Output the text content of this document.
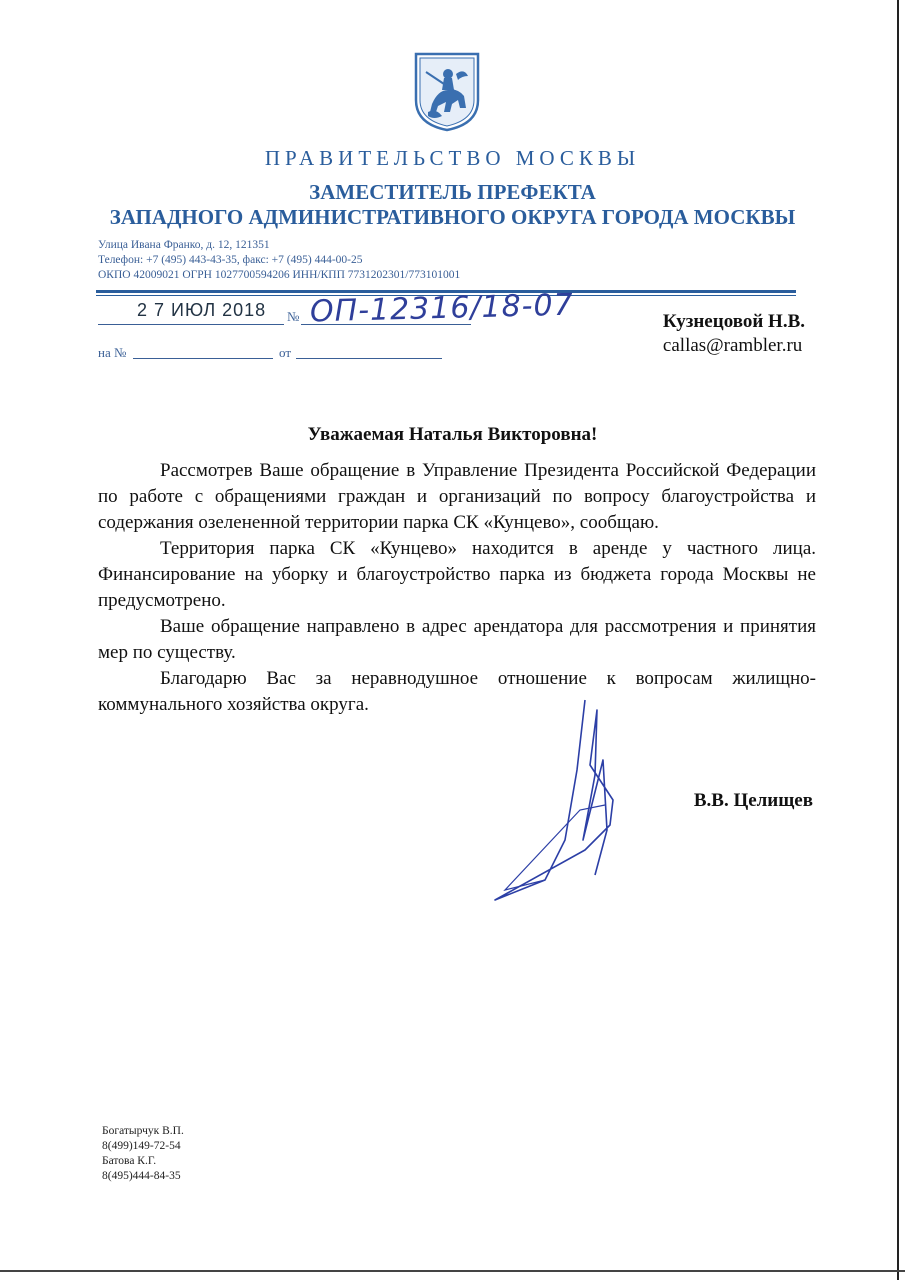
ПРАВИТЕЛЬСТВО МОСКВЫ
ЗАМЕСТИТЕЛЬ ПРЕФЕКТА
ЗАПАДНОГО АДМИНИСТРАТИВНОГО ОКРУГА ГОРОДА МОСКВЫ
Улица Ивана Франко, д. 12, 121351
Телефон: +7 (495) 443-43-35, факс: +7 (495) 444-00-25
ОКПО 42009021 ОГРН 1027700594206 ИНН/КПП 7731202301/773101001
2 7 ИЮЛ 2018 № ОП-12316/18-07
на №	от
Кузнецовой Н.В.
callas@rambler.ru
Уважаемая Наталья Викторовна!

Рассмотрев Ваше обращение в Управление Президента Российской Федерации по работе с обращениями граждан и организаций по вопросу благоустройства и содержания озелененной территории парка СК «Кунцево», сообщаю.

Территория парка СК «Кунцево» находится в аренде у частного лица. Финансирование на уборку и благоустройство парка из бюджета города Москвы не предусмотрено.

Ваше обращение направлено в адрес арендатора для рассмотрения и принятия мер по существу.

Благодарю Вас за неравнодушное отношение к вопросам жилищно-коммунального хозяйства округа.

В.В. Целищев
Богатырчук В.П.
8(499)149-72-54
Батова К.Г.
8(495)444-84-35
